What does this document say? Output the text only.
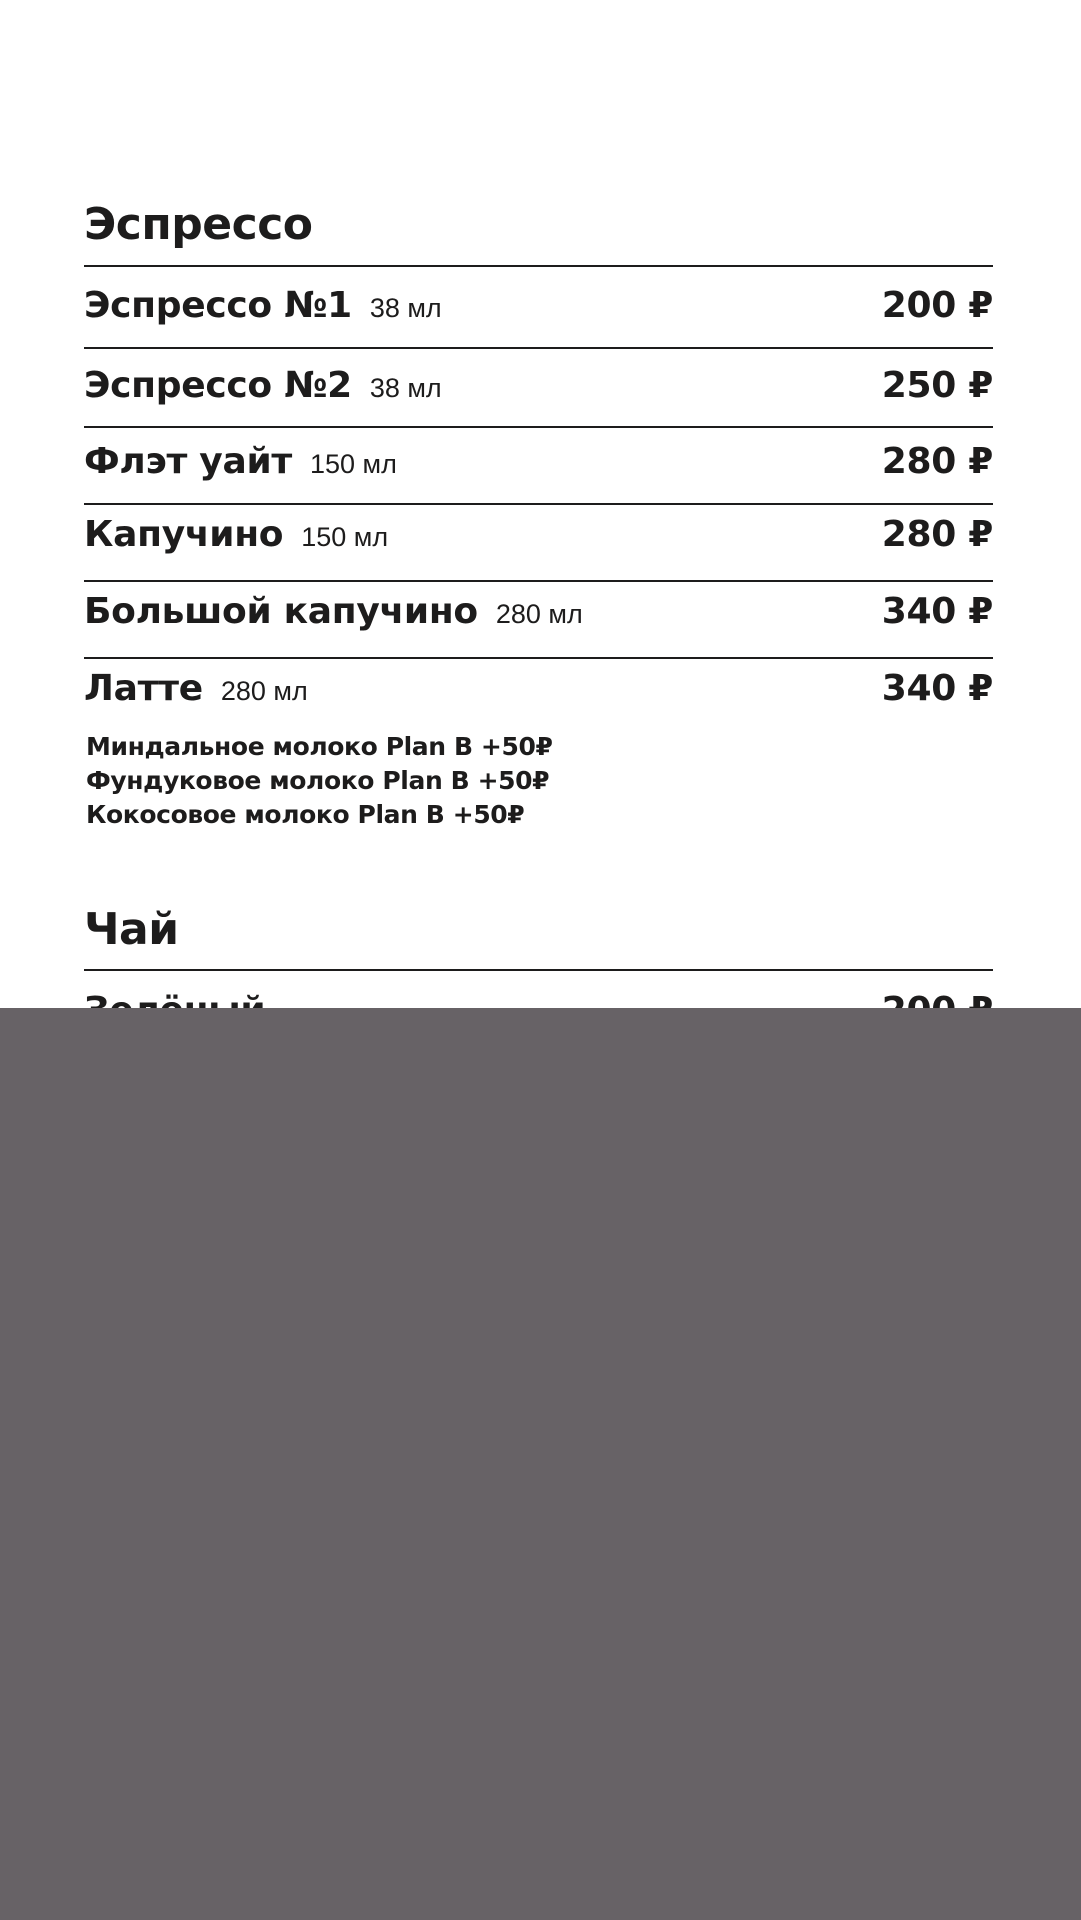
Эспрессо
Эспрессо №1 38 мл	200 ₽
Эспрессо №2 38 мл	250 ₽
Флэт уайт 150 мл	280 ₽
Капучино 150 мл	280 ₽
Большой капучино 280 мл	340 ₽
Латте 280 мл	340 ₽
Миндальное молоко Plan B +50₽
Фундуковое молоко Plan B +50₽
Кокосовое молоко Plan B +50₽
Чай
